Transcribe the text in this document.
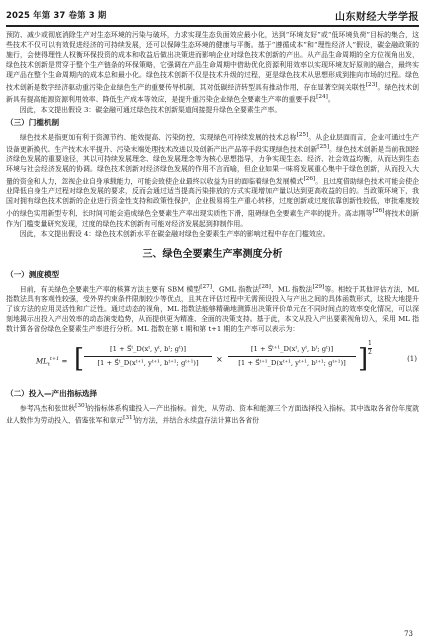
2025 年第 37 卷第 3 期	山东财经大学学报

预防、减少或彻底消除生产对生态环境的污染与破坏，力求实现生态负面效应最小化，达到“环境友好”或“低环境负荷”目标的集合，这些技术不仅可以有效促进经济的可持续发展，还可以保障生态环境的健康与平衡。基于“遵循成本”和“理性经济人”假设，碳金融政策的施行，会使得理性人权衡环保投资的成本和收益后做出决策进而影响企业对绿色技术创新的产出。从产品生命周期的全方位视角出发，绿色技术创新是贯穿于整个生产链条的环保策略，它强调在产品生命周期中借助优化资源利用效率以实现环境友好原则的融合，最终实现产品在整个生命周期内的成本总和最小化。绿色技术创新不仅是技术升级的过程，更是绿色技术从思想形成到推向市场的过程。绿色技术创新是数字经济驱动重污染企业绿色生产的重要传导机制，其对低碳经济转型具有推动作用，存在显著空间关联性[23]。绿色技术创新具有提高能源资源利用效率、降低生产成本等效应，是提升重污染企业绿色全要素生产率的重要手段[24]。

因此，本文提出假设 3：碳金融可通过绿色技术创新渠道间接提升绿色全要素生产率。

（三）门槛机制

绿色技术是指更加有利于资源节约、能效提高、污染防控，实现绿色可持续发展的技术总称[25]。从企业层面而言，企业可通过生产设备更新换代、生产技术水平提升、污染末端处理技术改进以及创新产出产品等手段实现绿色技术创新[25]。绿色技术创新是当前我国经济绿色发展的重要途径，其以可持续发展理念、绿色发展理念等为核心思想指导，力争实现生态、经济、社会效益均衡，从而达到生态环境与社会经济发展的协调。绿色技术创新对经济绿色发展的作用不言而喻，但企业如果一味将发展重心集中于绿色创新，从而投入大量的资金和人力，忽视企业自身承载能力，可能会致使企业最终以收益为目的面临着绿色发展模式[26]。且过度借助绿色技术可能会使企业降低自身生产过程对绿色发展的要求，反而会通过适当提高污染排放的方式实现增加产量以达到更高收益的目的。当政策环境下，我国对拥有绿色技术创新的企业进行资金性支持和政策性保护，企业极易将生产重心转移，过度创新或过度依靠创新性较低，审批难度较小的绿色实用新型专利，长时间可能会造成绿色全要素生产率出现实质性下滑，阻碍绿色全要素生产率的提升。高志刚等[26]将技术创新作为门槛变量研究发现，过度的绿色技术创新有可能对经济发展起到抑制作用。

因此，本文提出假设 4：绿色技术创新水平在碳金融对绿色全要素生产率的影响过程中存在门槛效应。

三、绿色全要素生产率测度分析
（一）测度模型

目前，有关绿色全要素生产率的核算方法主要有 SBM 模型[27]、GML 指数法[28]、ML 指数法[29]等。相较于其他评估方法，ML 指数法具有客观性较强，受外界约束条件限制较少等优点，且其在评估过程中无需预设投入与产出之间的具体函数形式，这极大地提升了该方法的应用灵活性和广泛性。通过动态的视角，ML 指数法能够精确地测算出决策评价单元在不同时间点的效率变化情况，可以深刻地揭示出投入产出效率的动态演变趋势，从而提供更为精准、全面的决策支持。基于此，本文从投入产出要素视角切入，采用 ML 指数计算各省份绿色全要素生产率进行分析。ML 指数在第 t 期和第 t+1 期的生产率可以表示为：

$ML_t^{t+1}$ = [	[1 + S⃗ᵗ_D(xᵗ, yᵗ, bᵗ; gᵗ)]
[1 + S⃗ᵗ_D(xᵗ⁺¹, yᵗ⁺¹, bᵗ⁺¹; gᵗ⁺¹)]	×
[1 + S⃗ᵗ⁺¹_D(xᵗ, yᵗ, bᵗ; gᵗ)]
[1 + S⃗ᵗ⁺¹_D(xᵗ⁺¹, yᵗ⁺¹, bᵗ⁺¹; gᵗ⁺¹)] ]
1
2
(1)
（二）投入—产出指标选择

参考冯杰和张世秋[30]的指标体系构建投入—产出指标。首先，从劳动、资本和能源三个方面选择投入指标。其中选取各省份年度就业人数作为劳动投入，借鉴张军和章元[31]的方法，并结合永续盘存法计算出各省份

73
